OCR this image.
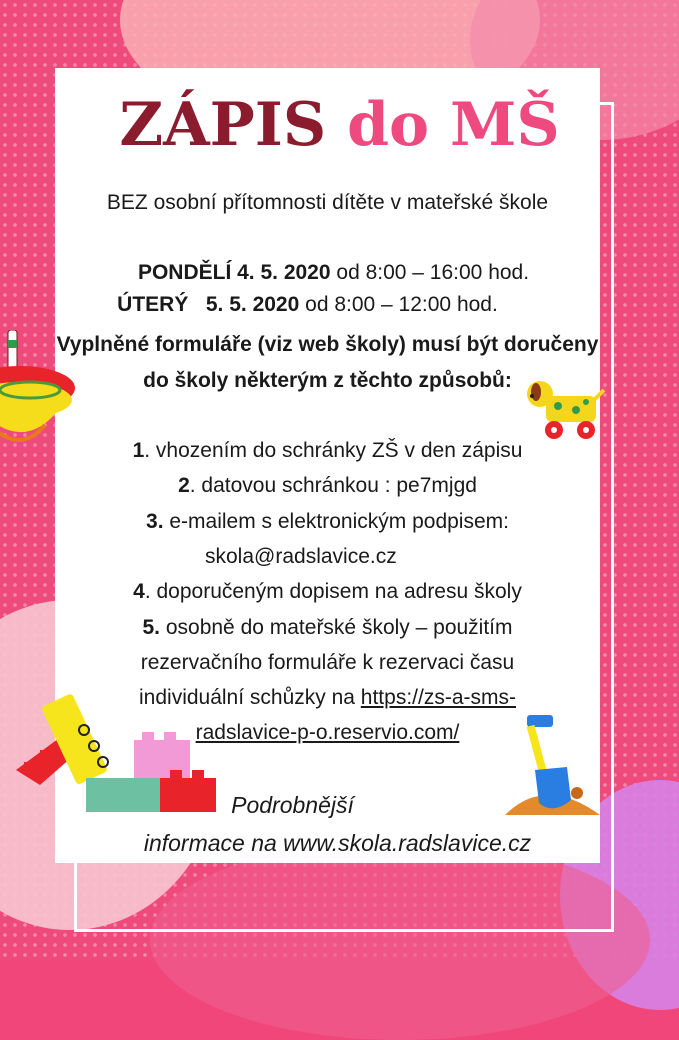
ZÁPIS do MŠ
BEZ osobní přítomnosti dítěte v mateřské škole
PONDĚLÍ 4. 5. 2020 od 8:00 – 16:00 hod.
ÚTERÝ 5. 5. 2020 od 8:00 – 12:00 hod.
Vyplněné formuláře (viz web školy) musí být doručeny
do školy některým z těchto způsobů:
1. vhozením do schránky ZŠ v den zápisu
2. datovou schránkou : pe7mjgd
3. e-mailem s elektronickým podpisem:
skola@radslavice.cz
4. doporučeným dopisem na adresu školy
5. osobně do mateřské školy – použitím
rezervačního formuláře k rezervaci času
individuální schůzky na https://zs-a-sms-
radslavice-p-o.reservio.com/
Podrobnější
informace na www.skola.radslavice.cz
